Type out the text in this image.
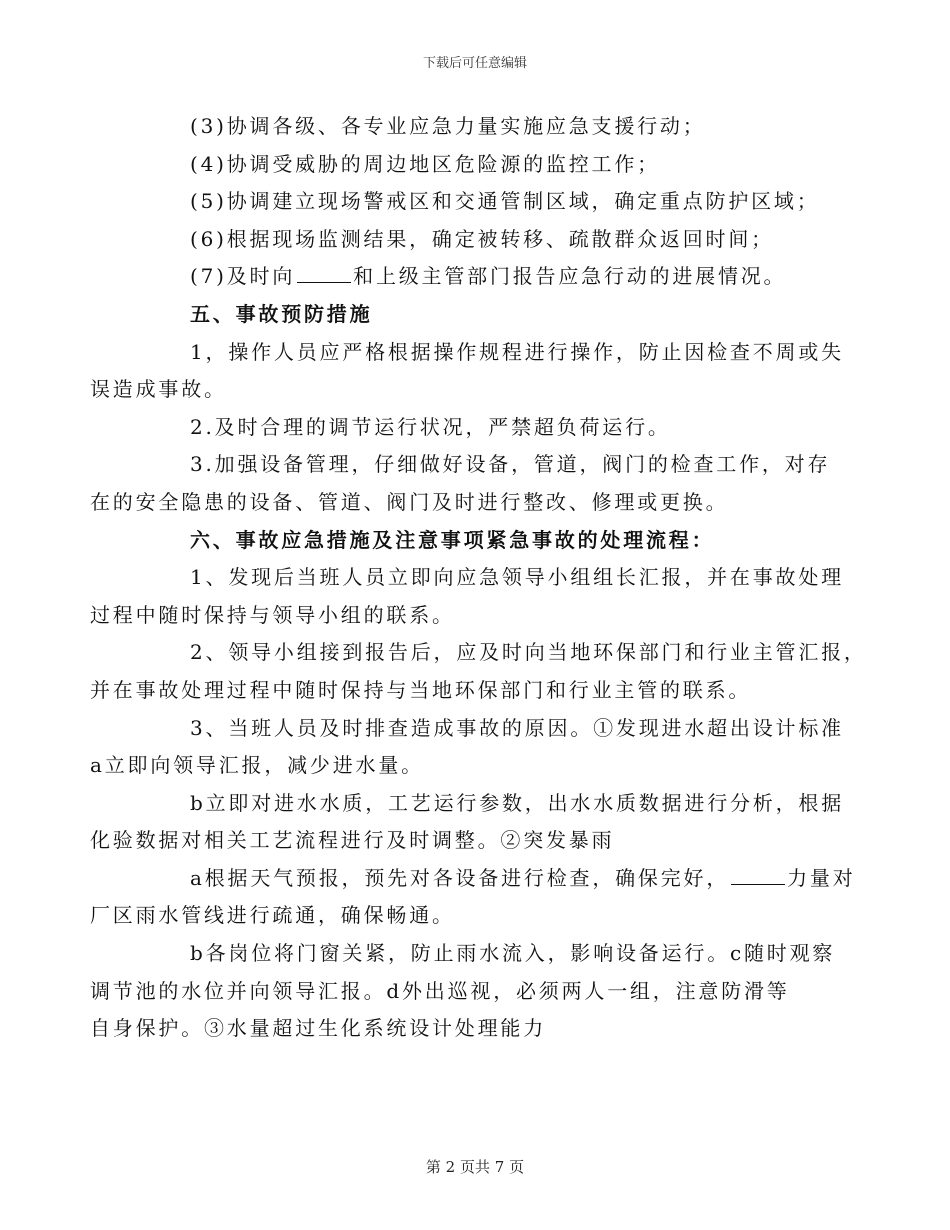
下载后可任意编辑

(3)协调各级、各专业应急力量实施应急支援行动；

(4)协调受威胁的周边地区危险源的监控工作；

(5)协调建立现场警戒区和交通管制区域，确定重点防护区域；

(6)根据现场监测结果，确定被转移、疏散群众返回时间；

(7)及时向	和上级主管部门报告应急行动的进展情况。

五、事故预防措施

1，操作人员应严格根据操作规程进行操作，防止因检查不周或失
误造成事故。

2.及时合理的调节运行状况，严禁超负荷运行。

3.加强设备管理，仔细做好设备，管道，阀门的检查工作，对存
在的安全隐患的设备、管道、阀门及时进行整改、修理或更换。

六、事故应急措施及注意事项紧急事故的处理流程：

1、发现后当班人员立即向应急领导小组组长汇报，并在事故处理
过程中随时保持与领导小组的联系。

2、领导小组接到报告后，应及时向当地环保部门和行业主管汇报，
并在事故处理过程中随时保持与当地环保部门和行业主管的联系。

3、当班人员及时排查造成事故的原因。①发现进水超出设计标准
a立即向领导汇报，减少进水量。

b立即对进水水质，工艺运行参数，出水水质数据进行分析，根据
化验数据对相关工艺流程进行及时调整。②突发暴雨

a根据天气预报，预先对各设备进行检查，确保完好，	力量对
厂区雨水管线进行疏通，确保畅通。

b各岗位将门窗关紧，防止雨水流入，影响设备运行。c随时观察
调节池的水位并向领导汇报。d外出巡视，必须两人一组，注意防滑等
自身保护。③水量超过生化系统设计处理能力

第 2 页共 7 页
